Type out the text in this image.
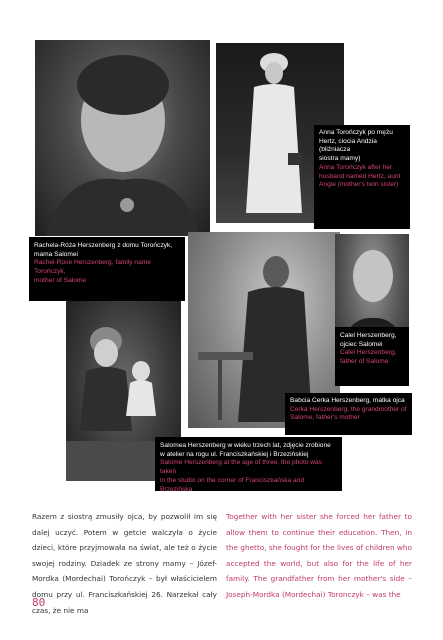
Anna Torończyk po mężu
Hertz, ciocia Andzia (bliźniacza
siostra mamy)
Anna Torończyk after her
husband named Hertz, aunt
Angie (mother's twin sister)
Rachela-Róża Herszenberg z domu Torończyk,
mama Salomei
Rachel-Rose Herszenberg, family name Torończyk,
mother of Salome
Calel Herszenberg,
ojciec Salomei
Calel Herszenberg,
father of Salome
Babcia Cerka Herszenberg, matka ojca
Cerka Herszenberg, the grandmother of
Salome, father's mother
Salomea Herszenberg w wieku trzech lat, zdjęcie zrobione
w atelier na rogu ul. Franciszkańskiej i Brzezińskiej
Salome Herszenberg at the age of three, the photo was taken
in the studio on the corner of Franciszkańska and Brzezińska

Razem z siostrą zmusiły ojca, by pozwolił im się dalej uczyć. Potem w getcie walczyła o życie dzieci, które przyjmowała na świat, ale też o życie swojej rodziny. Dziadek ze strony mamy – Józef-Mordka (Mordechai) Torończyk – był właścicielem domu przy ul. Franciszkańskiej 26. Narzekał cały czas, że nie ma

Together with her sister she forced her father to allow them to continue their education. Then, in the ghetto, she fought for the lives of children who accepted the world, but also for the life of her family. The grandfather from her mother's side – Joseph-Mordka (Mordechai) Toronczyk – was the

80
